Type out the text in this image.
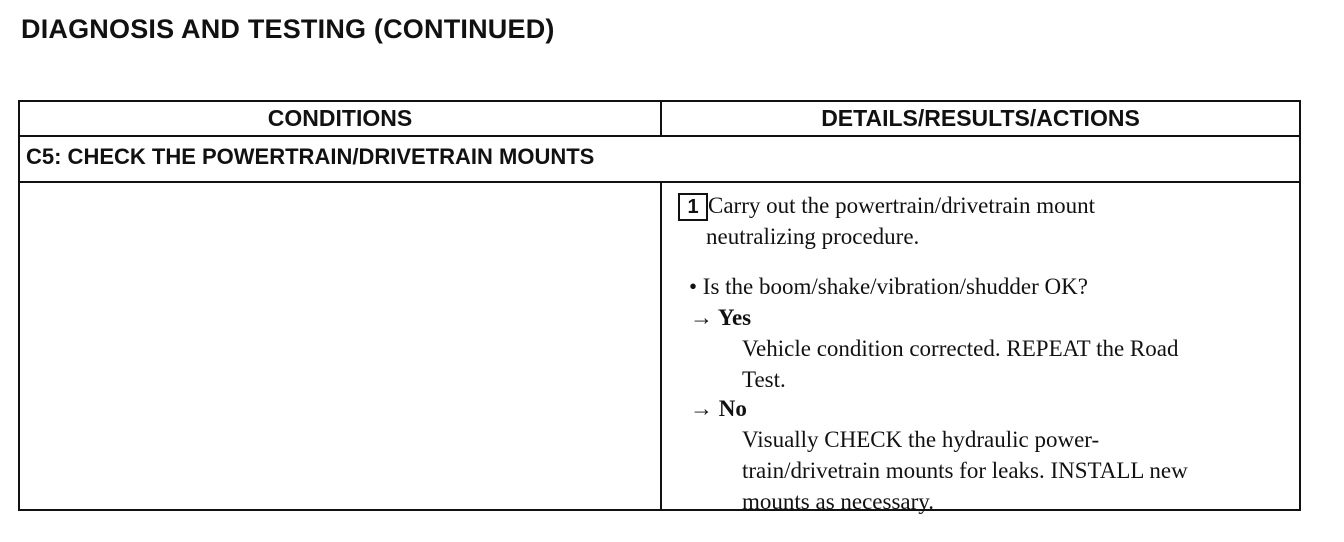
DIAGNOSIS AND TESTING (CONTINUED)
CONDITIONS	DETAILS/RESULTS/ACTIONS
C5: CHECK THE POWERTRAIN/DRIVETRAIN MOUNTS
1 Carry out the powertrain/drivetrain mount

neutralizing procedure.

• Is the boom/shake/vibration/shudder OK?

→ Yes

Vehicle condition corrected. REPEAT the Road
Test.

→ No

Visually CHECK the hydraulic power-
train/drivetrain mounts for leaks. INSTALL new
mounts as necessary.
